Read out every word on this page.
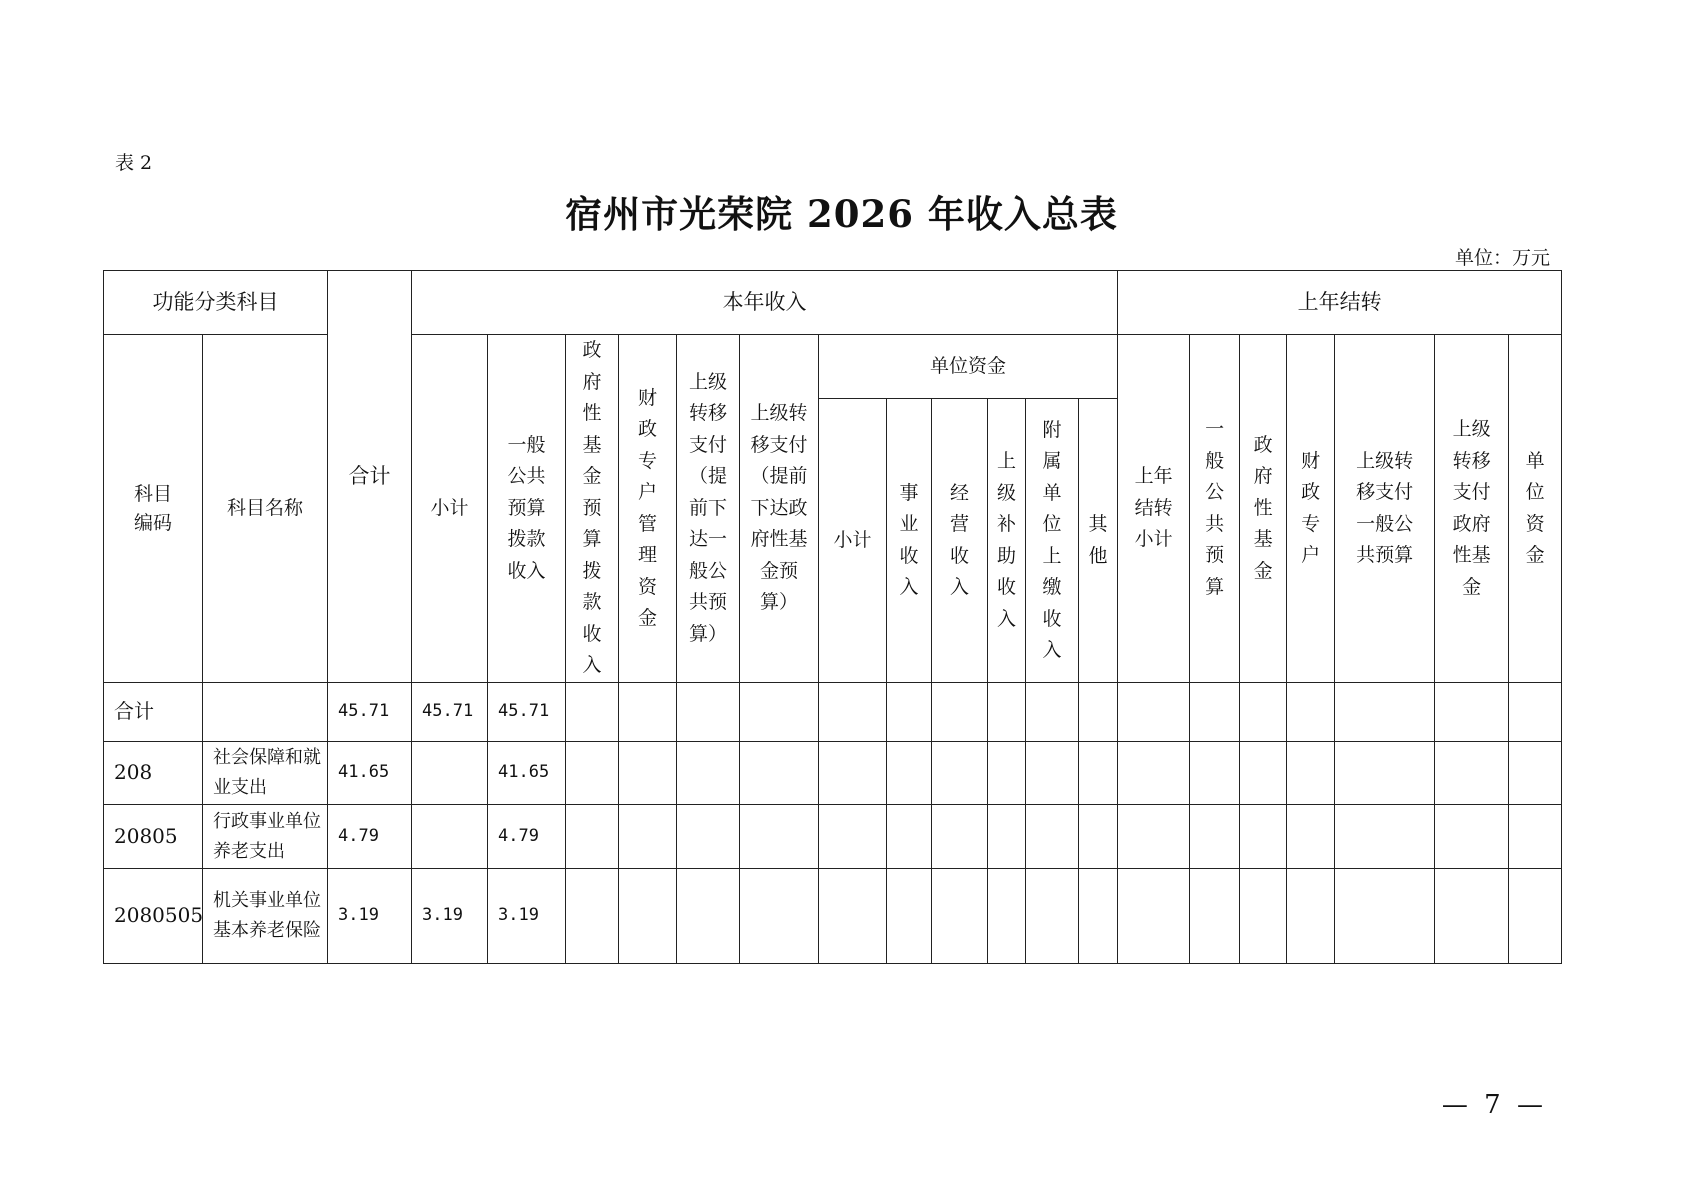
表 2
宿州市光荣院 2026 年收入总表
单位：万元
功能分类科目		合计	本年收入												上年结转						
科目编码	科目名称		小计	一般公共预算拨款收入	政府性基金预算拨款收入	财政专户管理资金	上级转移支付（提前下达一般公共预算）	上级转移支付（提前下达政府性基金预算）	单位资金						上年结转小计	一般公共预算	政府性基金	财政专户	上级转移支付一般公共预算	上级转移支付政府性基金	单位资金
									小计	事业收入	经营收入	上级补助收入	附属单位上缴收入	其他							
合计		45.71	45.71	45.71																	
208	社会保障和就业支出	41.65		41.65																	
20805	行政事业单位养老支出	4.79		4.79																	
2080505	机关事业单位基本养老保险	3.19	3.19	3.19																	
— 7 —
